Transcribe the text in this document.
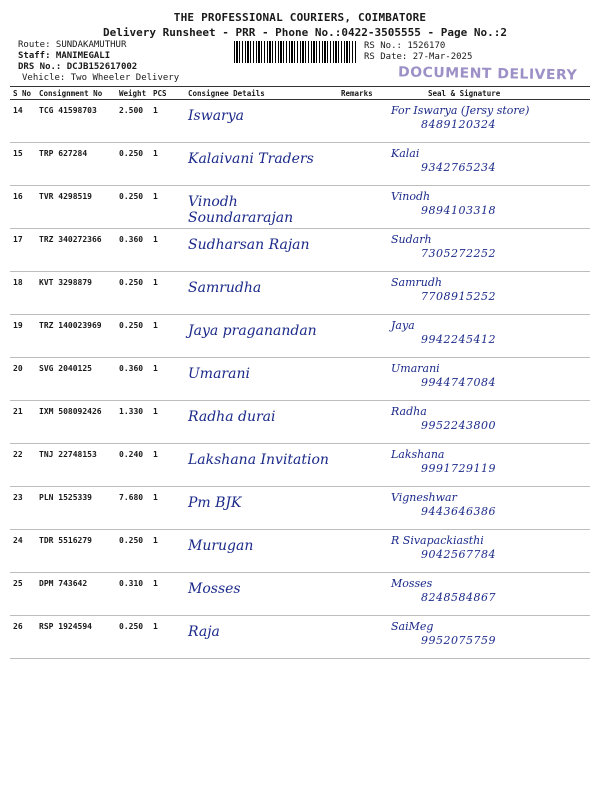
THE PROFESSIONAL COURIERS, COIMBATORE
Delivery Runsheet - PRR - Phone No.:0422-3505555 - Page No.:2
Route: SUNDAKAMUTHUR
Staff: MANIMEGALI
DRS No.: DCJB152617002
Vehicle: Two Wheeler Delivery
RS No.: 1526170
RS Date: 27-Mar-2025
DOCUMENT DELIVERY
S No	Consignment No	Weight	PCS	Consignee Details	Remarks	Seal & Signature
14	TCG 41598703	2.500	1	Iswarya		For Iswarya (Jersy store)
8489120324

15	TRP 627284	0.250	1	Kalaivani Traders		Kalai
9342765234

16	TVR 4298519	0.250	1	Vinodh Soundararajan		Vinodh
9894103318

17	TRZ 340272366	0.360	1	Sudharsan Rajan		Sudarh
7305272252

18	KVT 3298879	0.250	1	Samrudha		Samrudh
7708915252

19	TRZ 140023969	0.250	1	Jaya praganandan		Jaya
9942245412

20	SVG 2040125	0.360	1	Umarani		Umarani
9944747084

21	IXM 508092426	1.330	1	Radha durai		Radha
9952243800

22	TNJ 22748153	0.240	1	Lakshana Invitation		Lakshana
9991729119

23	PLN 1525339	7.680	1	Pm BJK		Vigneshwar
9443646386

24	TDR 5516279	0.250	1	Murugan		R Sivapackiasthi
9042567784

25	DPM 743642	0.310	1	Mosses		Mosses
8248584867

26	RSP 1924594	0.250	1	Raja		SaiMeg
9952075759
